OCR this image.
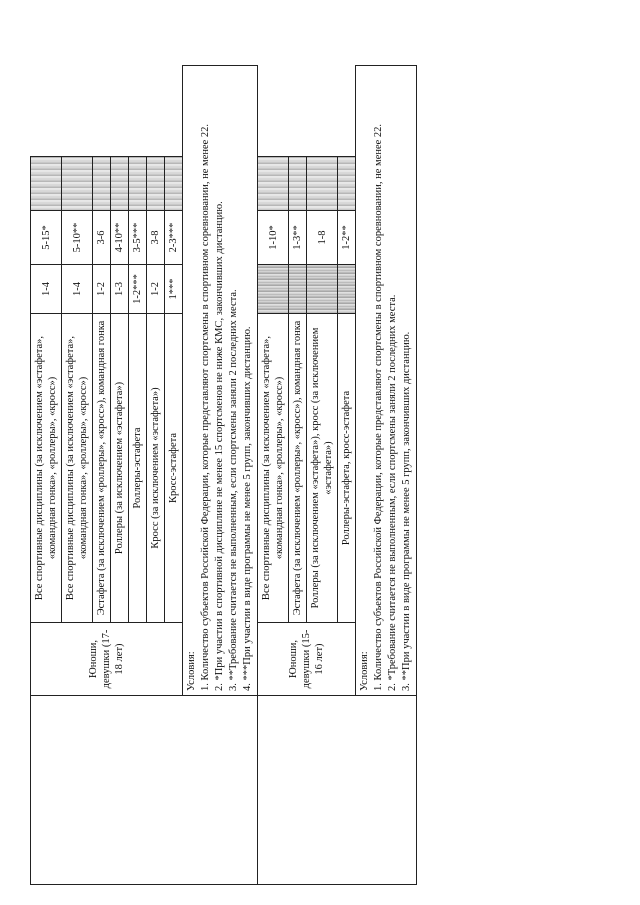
	Юноши, девушки (17-18 лет)	Все спортивные дисциплины (за исключением «эстафета», «командная гонка», «роллеры», «кросс»)	1-4	5-15*	
		Все спортивные дисциплины (за исключением «эстафета», «командная гонка», «роллеры», «кросс»)	1-4	5-10**	
		Эстафета (за исключением «роллеры», «кросс»), командная гонка	1-2	3-6	
		Роллеры (за исключением «эстафета»)	1-3	4-10**	
		Роллеры-эстафета	1-2***	3-5***	
		Кросс (за исключением «эстафета»)	1-2	3-8	
		Кросс-эстафета	1***	2-3***	

	Условия: 1. Количество субъектов Российской Федерации, которые представляют спортсмены в спортивном соревновании, не менее 22. 2. *При участии в спортивной дисциплине не менее 15 спортсменов не ниже КМС, закончивших дистанцию. 3. **Требование считается не выполненным, если спортсмены заняли 2 последних места. 4. ***При участии в виде программы не менее 5 групп, закончивших дистанцию.				

	Юноши, девушки (15-16 лет)	Все спортивные дисциплины (за исключением «эстафета», «командная гонка», «роллеры», «кросс»)		1-10*	
		Эстафета (за исключением «роллеры», «кросс»), командная гонка		1-3**	
		Роллеры (за исключением «эстафета»), кросс (за исключением «эстафета»)		1-8	
		Роллеры-эстафета, кросс-эстафета		1-2**	

	Условия: 1. Количество субъектов Российской Федерации, которые представляют спортсмены в спортивном соревновании, не менее 22. 2. *Требование считается не выполненным, если спортсмены заняли 2 последних места. 3. **При участии в виде программы не менее 5 групп, закончивших дистанцию.				
